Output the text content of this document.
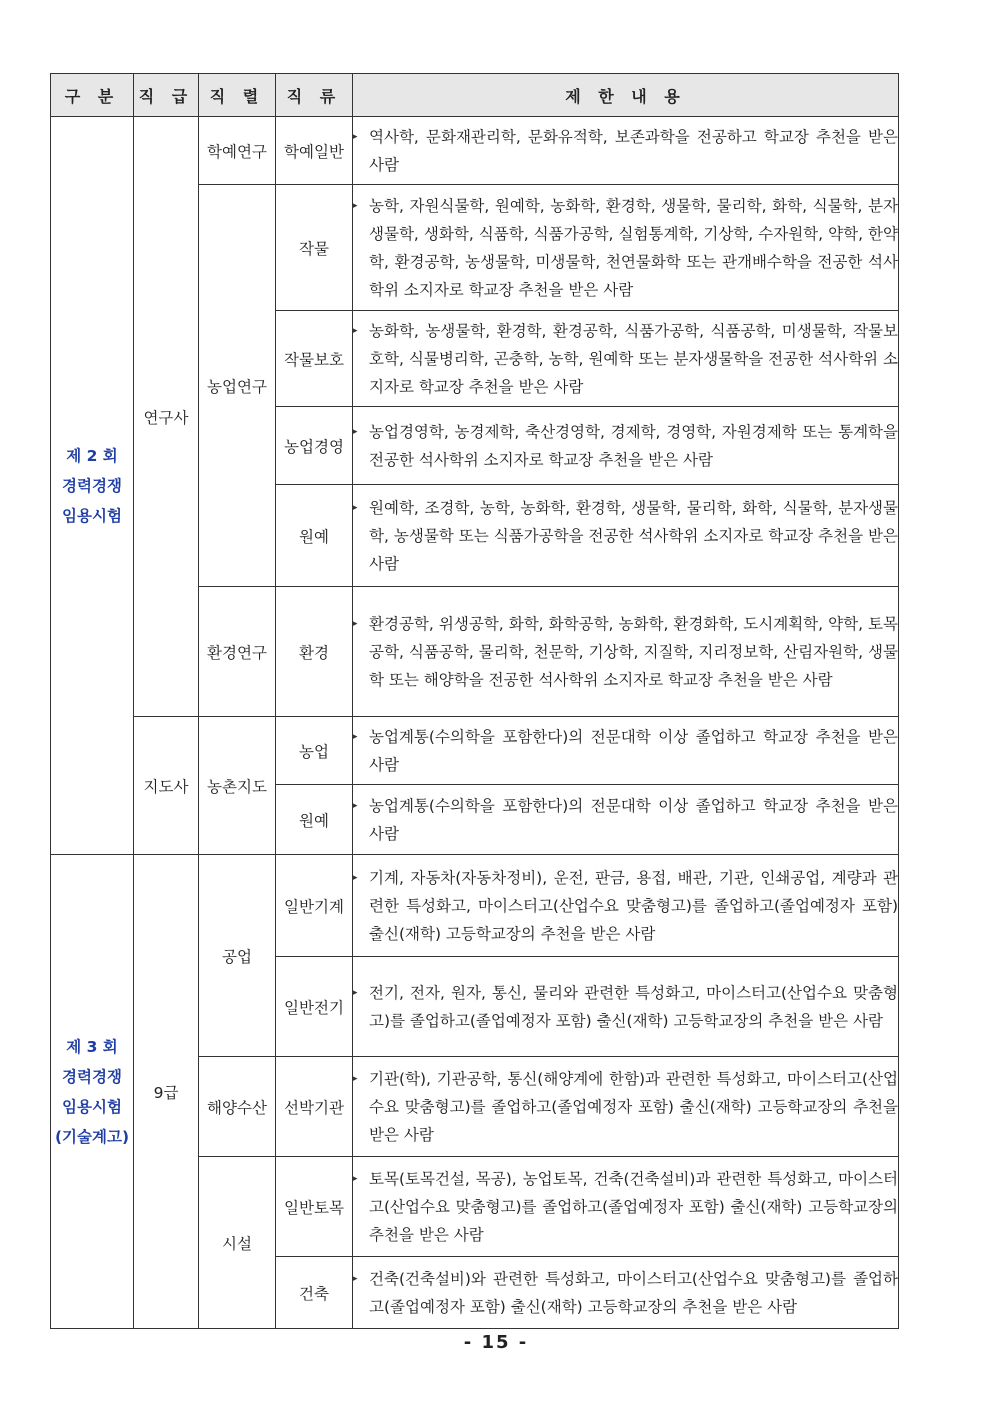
구 분	직 급	직 렬	직 류	제 한 내 용

제 2 회
경력경쟁
임용시험	연구사	학예연구	학예일반	▸ 역사학, 문화재관리학, 문화유적학, 보존과학을 전공하고 학교장 추천을 받은 사람

		농업연구	작물	▸ 농학, 자원식물학, 원예학, 농화학, 환경학, 생물학, 물리학, 화학, 식물학, 분자생물학, 생화학, 식품학, 식품가공학, 실험통계학, 기상학, 수자원학, 약학, 한약학, 환경공학, 농생물학, 미생물학, 천연물화학 또는 관개배수학을 전공한 석사학위 소지자로 학교장 추천을 받은 사람

			작물보호	▸ 농화학, 농생물학, 환경학, 환경공학, 식품가공학, 식품공학, 미생물학, 작물보호학, 식물병리학, 곤충학, 농학, 원예학 또는 분자생물학을 전공한 석사학위 소지자로 학교장 추천을 받은 사람

			농업경영	▸ 농업경영학, 농경제학, 축산경영학, 경제학, 경영학, 자원경제학 또는 통계학을 전공한 석사학위 소지자로 학교장 추천을 받은 사람

			원예	▸ 원예학, 조경학, 농학, 농화학, 환경학, 생물학, 물리학, 화학, 식물학, 분자생물학, 농생물학 또는 식품가공학을 전공한 석사학위 소지자로 학교장 추천을 받은 사람

		환경연구	환경	▸ 환경공학, 위생공학, 화학, 화학공학, 농화학, 환경화학, 도시계획학, 약학, 토목공학, 식품공학, 물리학, 천문학, 기상학, 지질학, 지리정보학, 산림자원학, 생물학 또는 해양학을 전공한 석사학위 소지자로 학교장 추천을 받은 사람

	지도사	농촌지도	농업	▸ 농업계통(수의학을 포함한다)의 전문대학 이상 졸업하고 학교장 추천을 받은 사람

			원예	▸ 농업계통(수의학을 포함한다)의 전문대학 이상 졸업하고 학교장 추천을 받은 사람

제 3 회
경력경쟁
임용시험
(기술계고)	9급	공업	일반기계	▸ 기계, 자동차(자동차정비), 운전, 판금, 용접, 배관, 기관, 인쇄공업, 계량과 관련한 특성화고, 마이스터고(산업수요 맞춤형고)를 졸업하고(졸업예정자 포함) 출신(재학) 고등학교장의 추천을 받은 사람

			일반전기	▸ 전기, 전자, 원자, 통신, 물리와 관련한 특성화고, 마이스터고(산업수요 맞춤형고)를 졸업하고(졸업예정자 포함) 출신(재학) 고등학교장의 추천을 받은 사람

		해양수산	선박기관	▸ 기관(학), 기관공학, 통신(해양계에 한함)과 관련한 특성화고, 마이스터고(산업수요 맞춤형고)를 졸업하고(졸업예정자 포함) 출신(재학) 고등학교장의 추천을 받은 사람

		시설	일반토목	▸ 토목(토목건설, 목공), 농업토목, 건축(건축설비)과 관련한 특성화고, 마이스터고(산업수요 맞춤형고)를 졸업하고(졸업예정자 포함) 출신(재학) 고등학교장의 추천을 받은 사람

			건축	▸ 건축(건축설비)와 관련한 특성화고, 마이스터고(산업수요 맞춤형고)를 졸업하고(졸업예정자 포함) 출신(재학) 고등학교장의 추천을 받은 사람
- 15 -
